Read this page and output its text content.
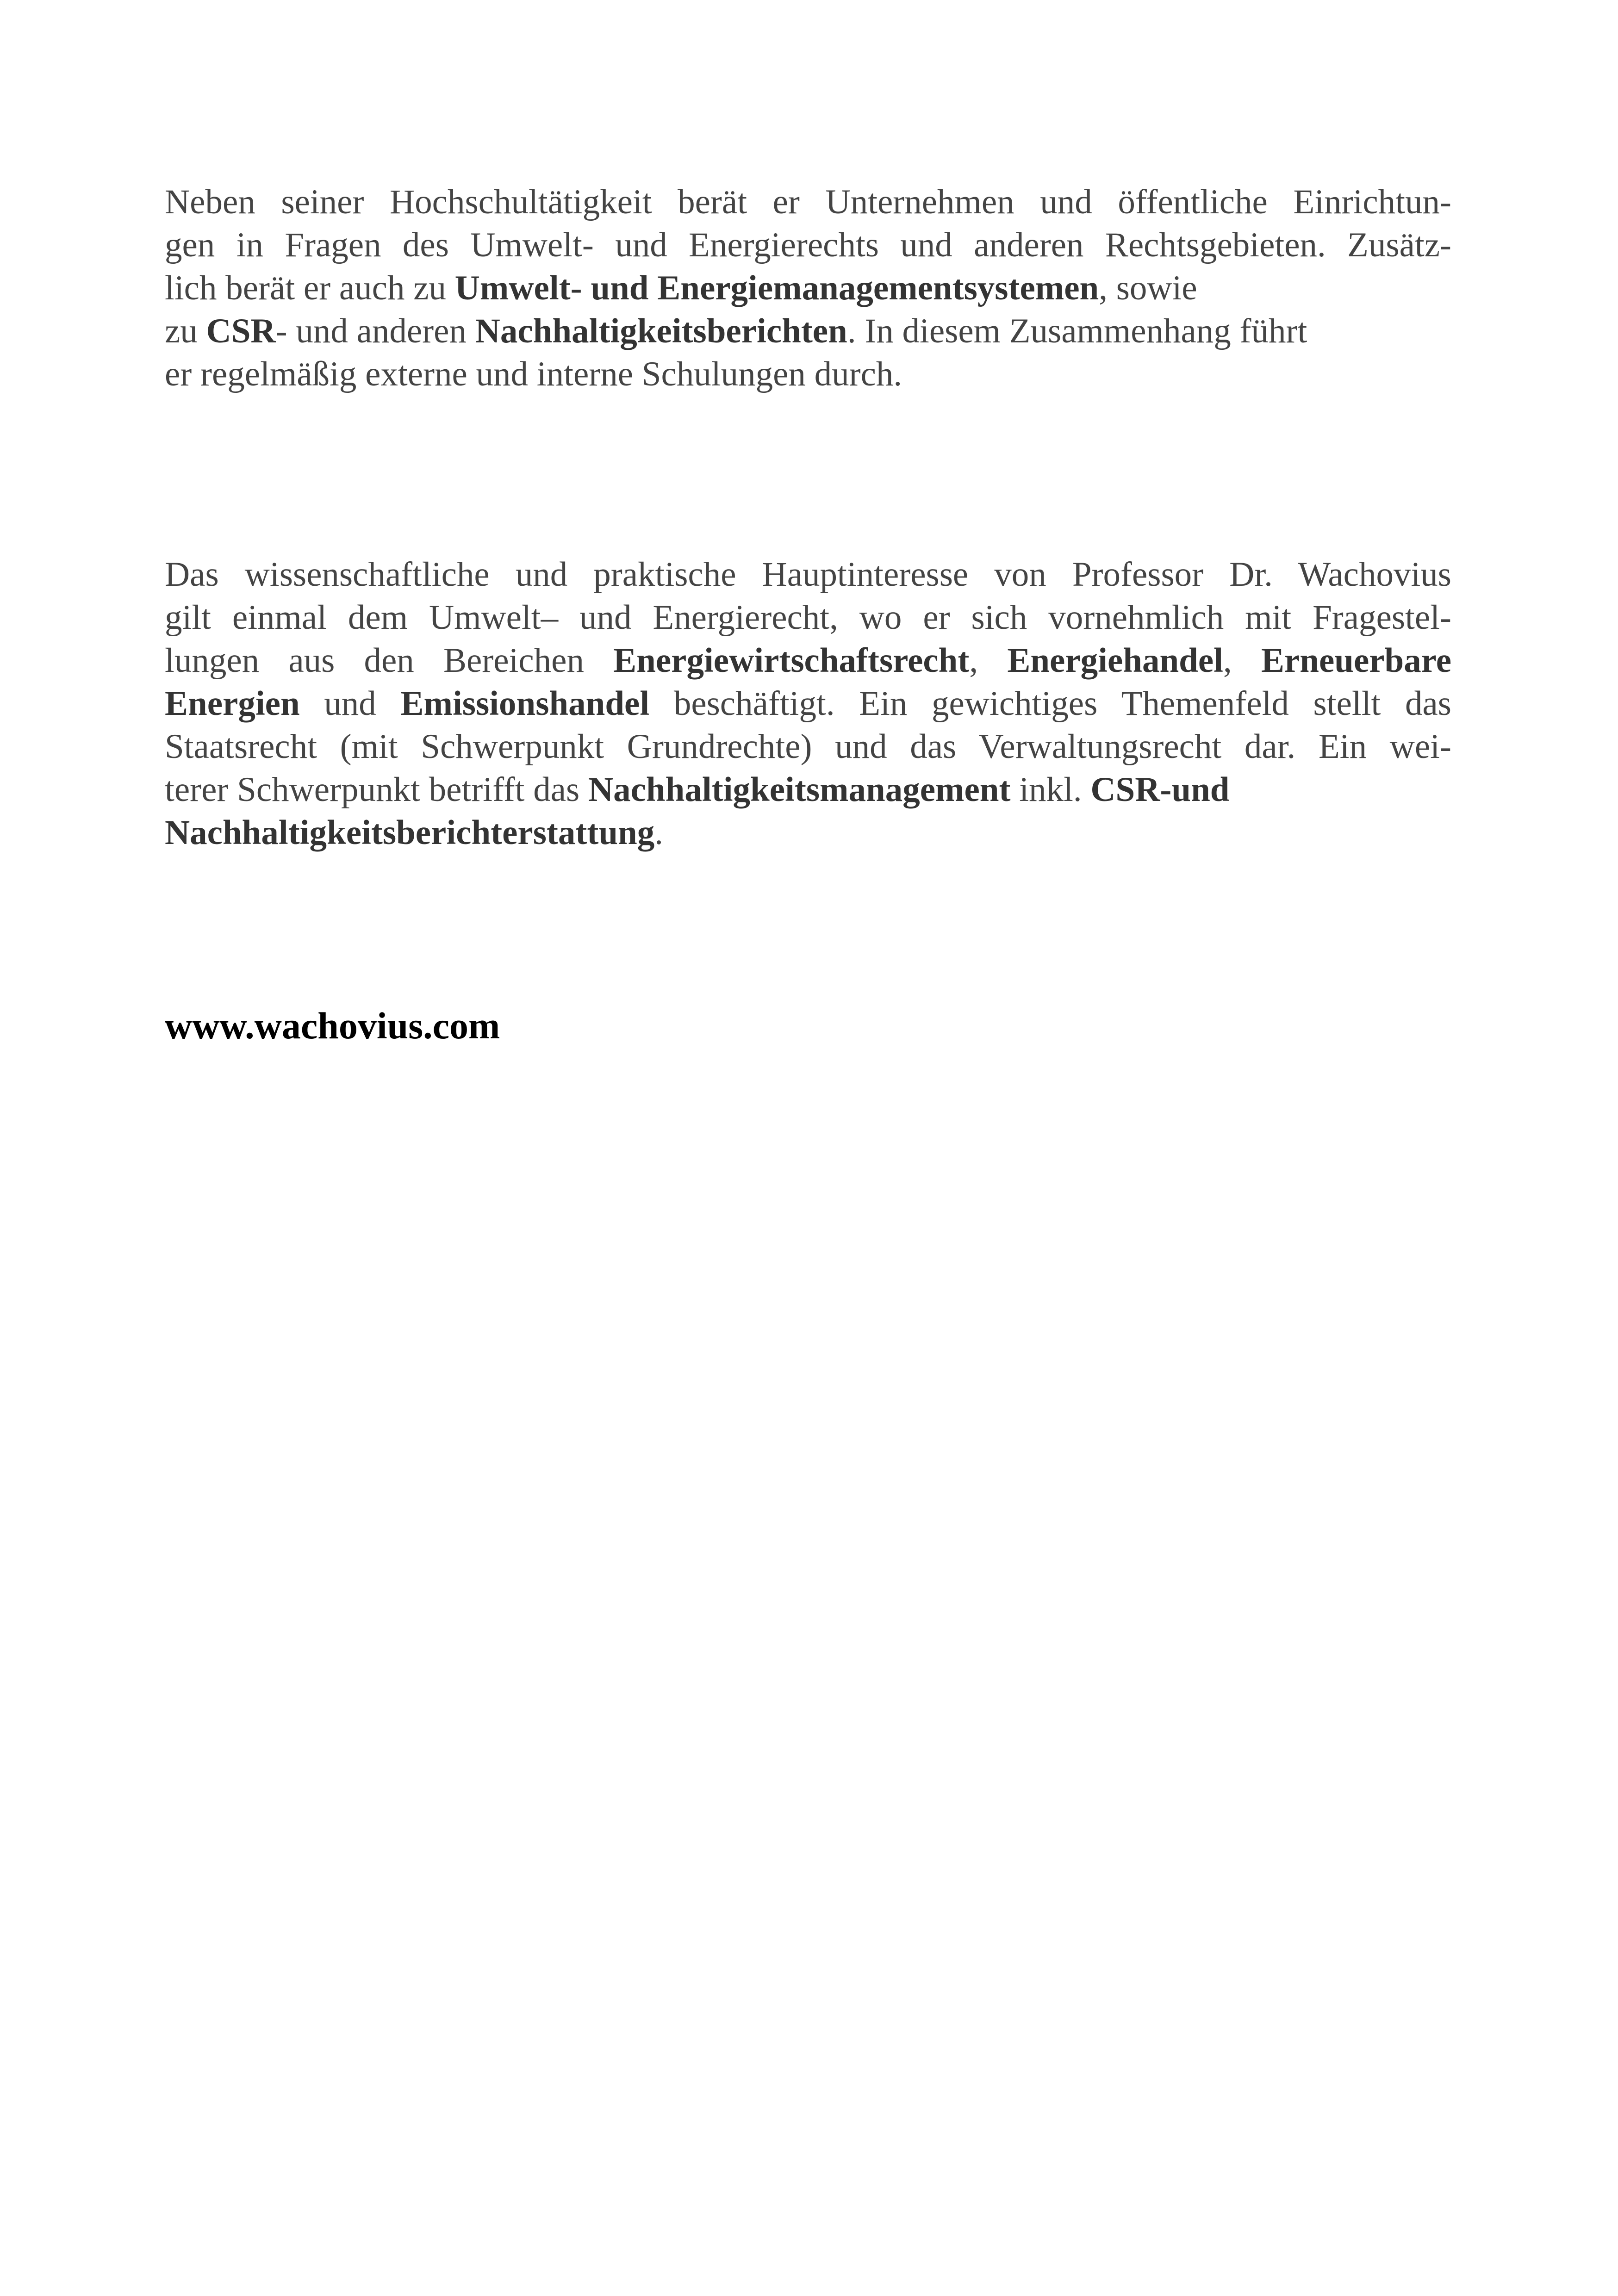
Neben seiner Hochschultätigkeit berät er Unternehmen und öffentliche Einrichtun-
gen in Fragen des Umwelt- und Energierechts und anderen Rechtsgebieten. Zusätz-
lich berät er auch zu Umwelt- und Energiemanagementsystemen, sowie
zu CSR- und anderen Nachhaltigkeitsberichten. In diesem Zusammenhang führt
er regelmäßig externe und interne Schulungen durch.
Das wissenschaftliche und praktische Hauptinteresse von Professor Dr. Wachovius
gilt einmal dem Umwelt– und Energierecht, wo er sich vornehmlich mit Fragestel-
lungen aus den Bereichen Energiewirtschaftsrecht, Energiehandel, Erneuerbare
Energien und Emissionshandel beschäftigt. Ein gewichtiges Themenfeld stellt das
Staatsrecht (mit Schwerpunkt Grundrechte) und das Verwaltungsrecht dar. Ein wei-
terer Schwerpunkt betrifft das Nachhaltigkeitsmanagement inkl. CSR-und
Nachhaltigkeitsberichterstattung.
www.wachovius.com
